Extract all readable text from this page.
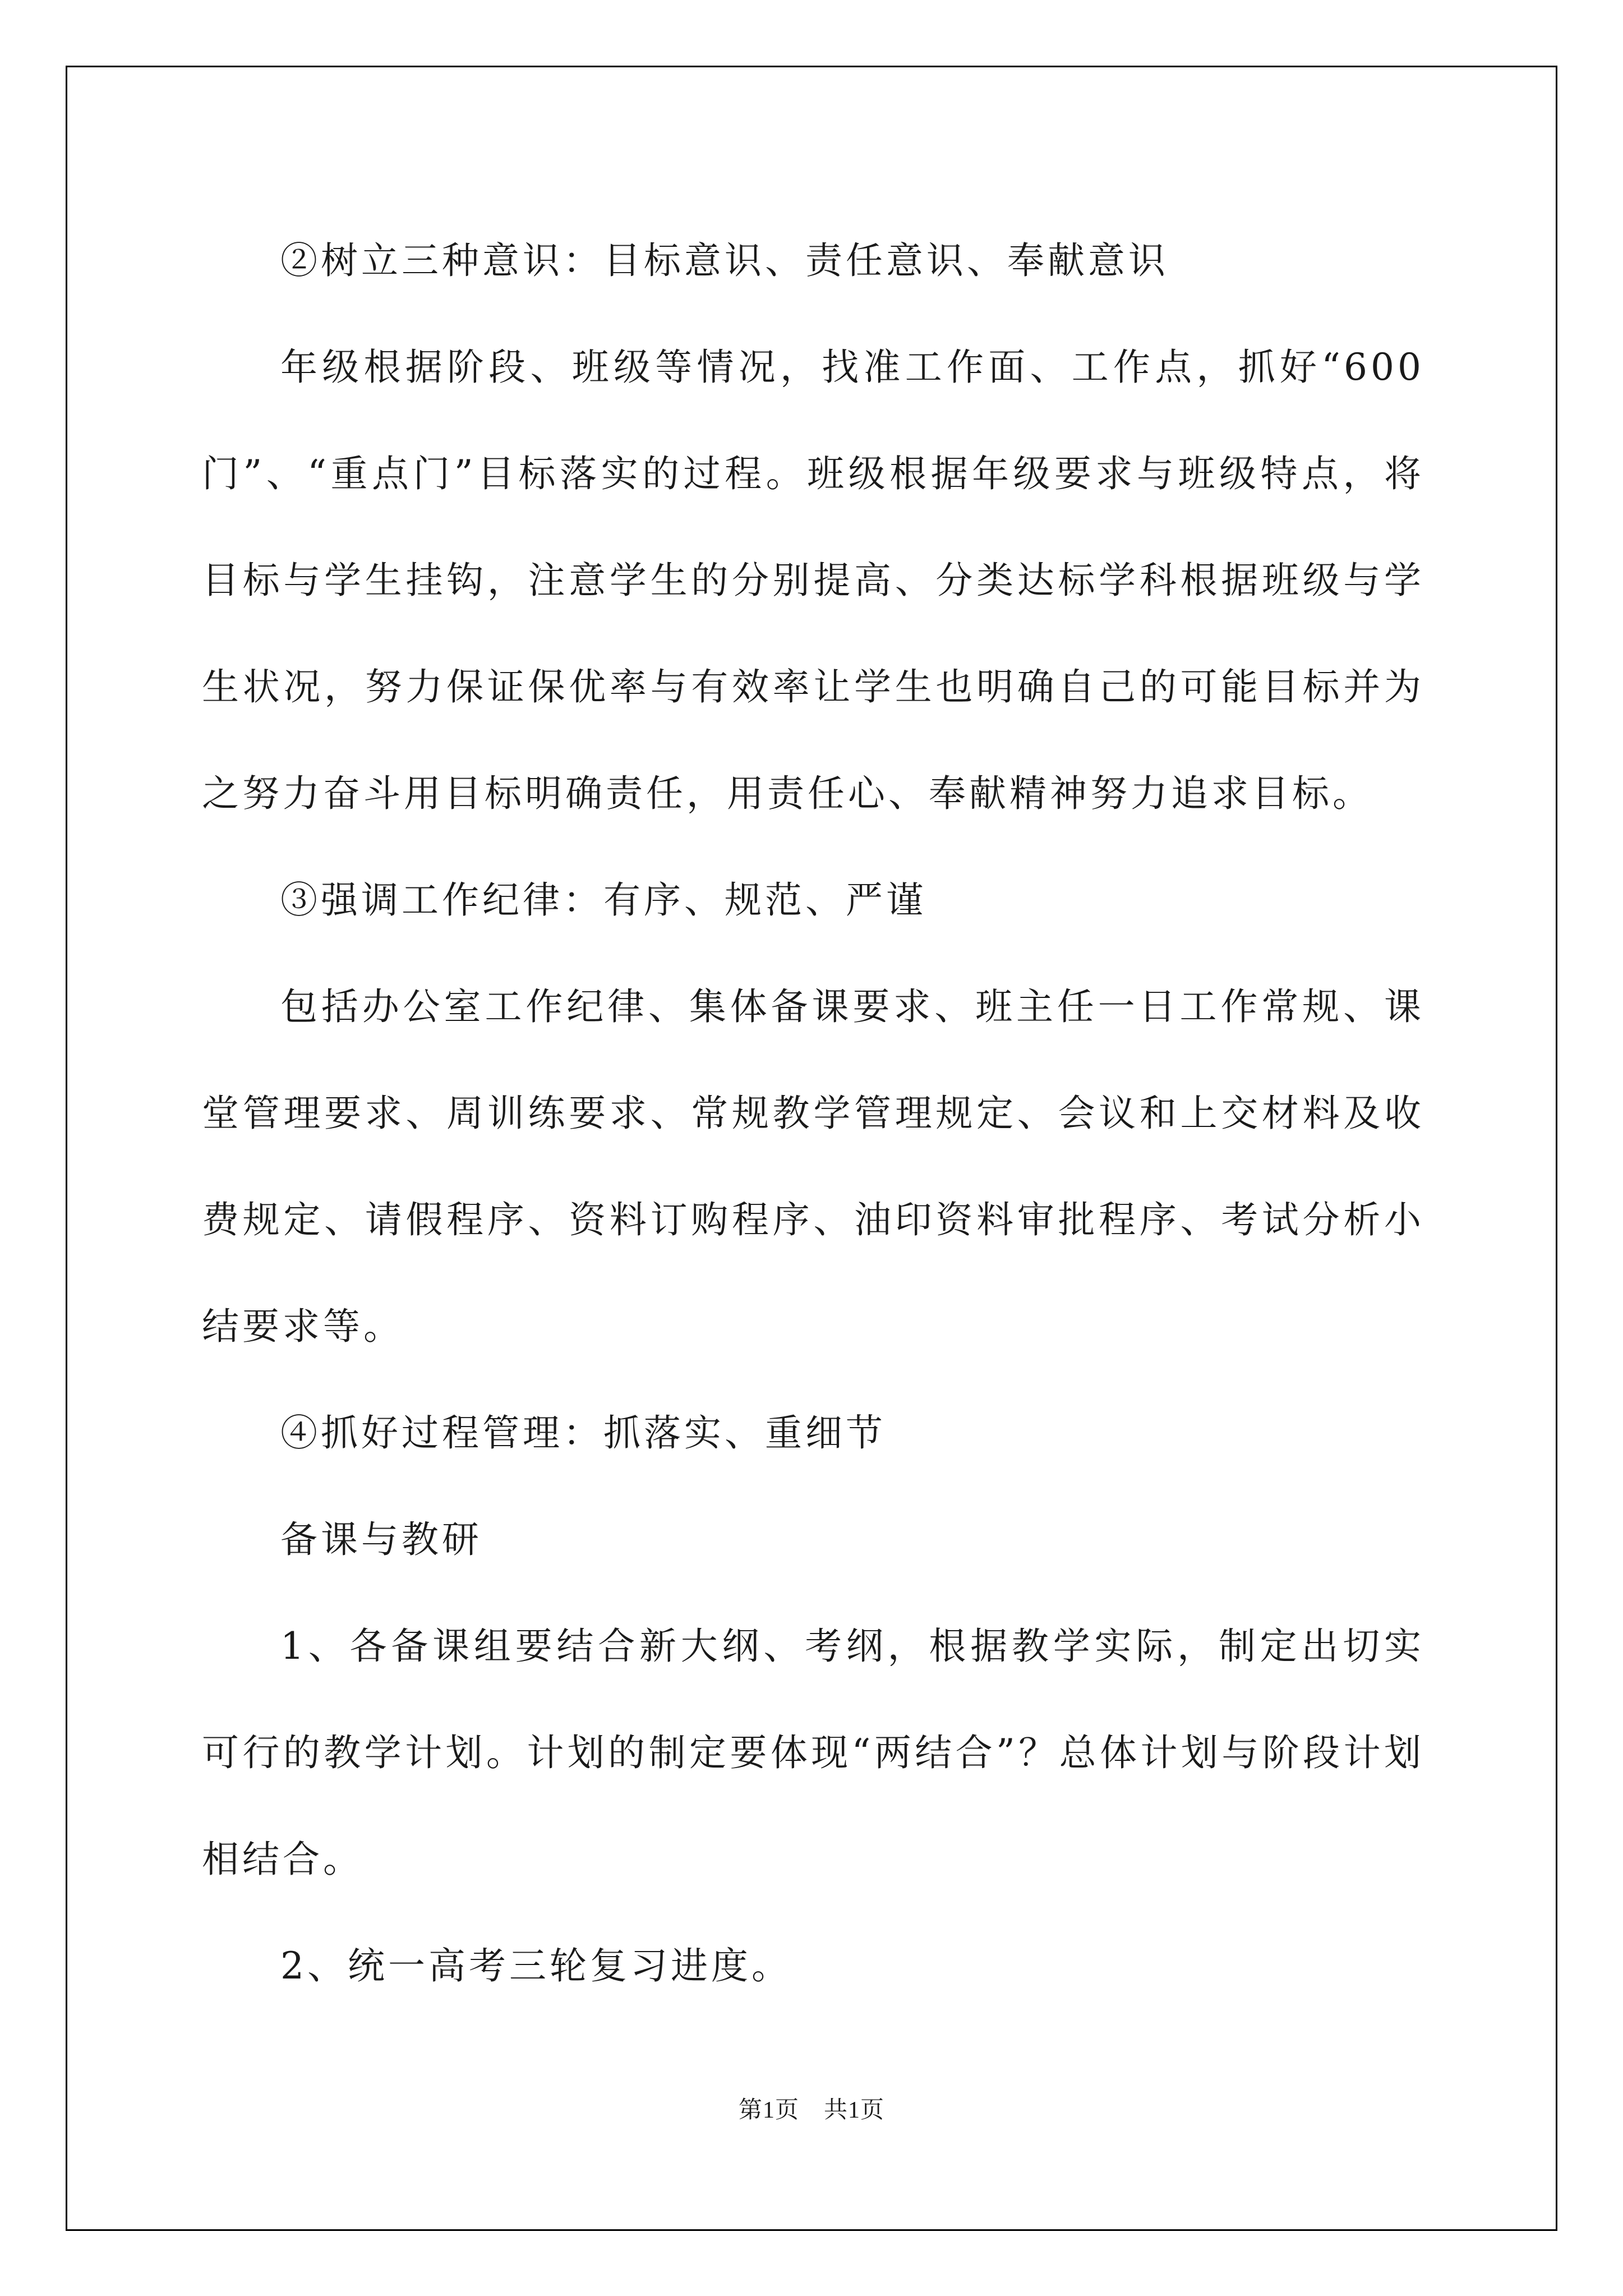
②树立三种意识：目标意识、责任意识、奉献意识

年级根据阶段、班级等情况，找准工作面、工作点，抓好“600门”、“重点门”目标落实的过程。班级根据年级要求与班级特点，将目标与学生挂钩，注意学生的分别提高、分类达标学科根据班级与学生状况，努力保证保优率与有效率让学生也明确自己的可能目标并为之努力奋斗用目标明确责任，用责任心、奉献精神努力追求目标。

③强调工作纪律：有序、规范、严谨

包括办公室工作纪律、集体备课要求、班主任一日工作常规、课堂管理要求、周训练要求、常规教学管理规定、会议和上交材料及收费规定、请假程序、资料订购程序、油印资料审批程序、考试分析小结要求等。

④抓好过程管理：抓落实、重细节

备课与教研

1、各备课组要结合新大纲、考纲，根据教学实际，制定出切实可行的教学计划。计划的制定要体现“两结合”？总体计划与阶段计划相结合。

2、统一高考三轮复习进度。

第1页 共1页
